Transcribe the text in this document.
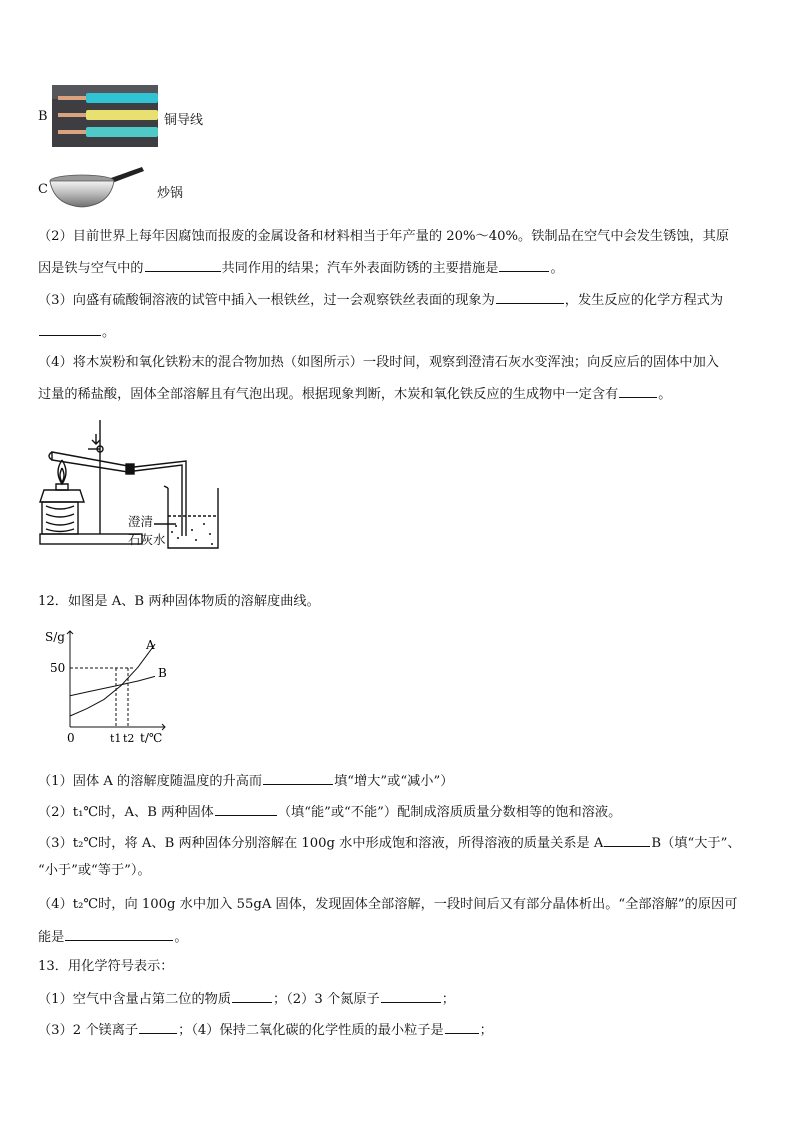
B	铜导线
C	炒锅
（2）目前世界上每年因腐蚀而报废的金属设备和材料相当于年产量的 20%～40%。铁制品在空气中会发生锈蚀，其原
因是铁与空气中的	共同作用的结果；汽车外表面防锈的主要措施是	。
（3）向盛有硫酸铜溶液的试管中插入一根铁丝，过一会观察铁丝表面的现象为	，发生反应的化学方程式为
。
（4）将木炭粉和氧化铁粉末的混合物加热（如图所示）一段时间，观察到澄清石灰水变浑浊；向反应后的固体中加入
过量的稀盐酸，固体全部溶解且有气泡出现。根据现象判断，木炭和氧化铁反应的生成物中一定含有	。
澄清
石灰水
12．如图是 A、B 两种固体物质的溶解度曲线。
S/g
50
0	t1 t2 t/℃
A
B
（1）固体 A 的溶解度随温度的升高而	填“增大”或“减小”）
（2）t₁℃时，A、B 两种固体	（填“能”或“不能”）配制成溶质质量分数相等的饱和溶液。
（3）t₂℃时，将 A、B 两种固体分别溶解在 100g 水中形成饱和溶液，所得溶液的质量关系是 A	B（填“大于”、
“小于”或“等于”）。
（4）t₂℃时，向 100g 水中加入 55gA 固体，发现固体全部溶解，一段时间后又有部分晶体析出。“全部溶解”的原因可
能是	。
13．用化学符号表示：
（1）空气中含量占第二位的物质	；（2）3 个氮原子	；
（3）2 个镁离子	；（4）保持二氧化碳的化学性质的最小粒子是	；
